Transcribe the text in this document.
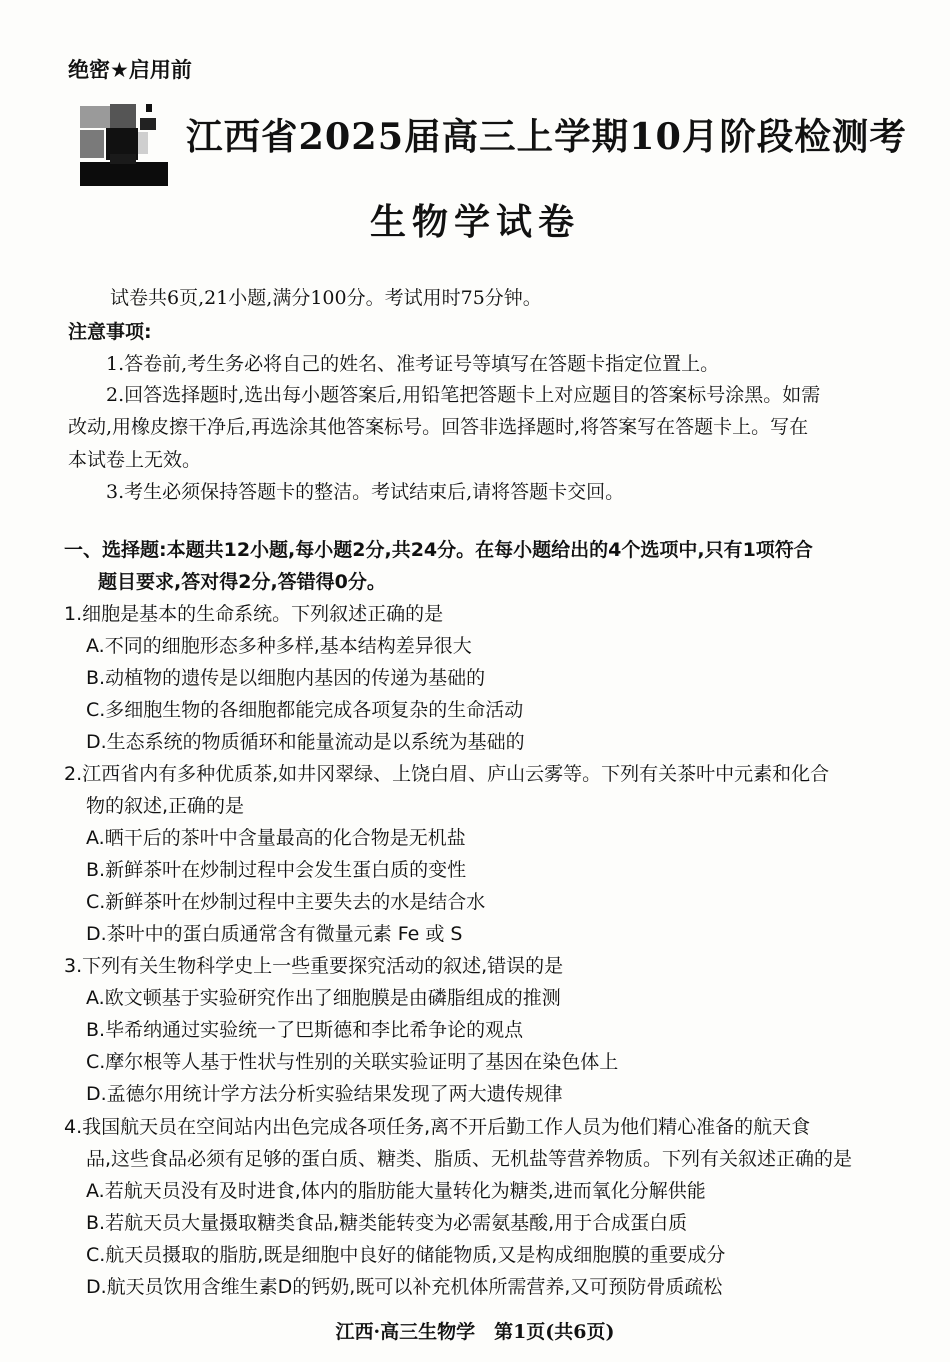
绝密★启用前
江西省2025届高三上学期10月阶段检测考
生物学试卷
试卷共6页,21小题,满分100分。考试用时75分钟。
注意事项:
1.答卷前,考生务必将自己的姓名、准考证号等填写在答题卡指定位置上。
2.回答选择题时,选出每小题答案后,用铅笔把答题卡上对应题目的答案标号涂黑。如需
改动,用橡皮擦干净后,再选涂其他答案标号。回答非选择题时,将答案写在答题卡上。写在
本试卷上无效。
3.考生必须保持答题卡的整洁。考试结束后,请将答题卡交回。
一、选择题:本题共12小题,每小题2分,共24分。在每小题给出的4个选项中,只有1项符合
题目要求,答对得2分,答错得0分。
1.细胞是基本的生命系统。下列叙述正确的是
A.不同的细胞形态多种多样,基本结构差异很大
B.动植物的遗传是以细胞内基因的传递为基础的
C.多细胞生物的各细胞都能完成各项复杂的生命活动
D.生态系统的物质循环和能量流动是以系统为基础的
2.江西省内有多种优质茶,如井冈翠绿、上饶白眉、庐山云雾等。下列有关茶叶中元素和化合
物的叙述,正确的是
A.晒干后的茶叶中含量最高的化合物是无机盐
B.新鲜茶叶在炒制过程中会发生蛋白质的变性
C.新鲜茶叶在炒制过程中主要失去的水是结合水
D.茶叶中的蛋白质通常含有微量元素 Fe 或 S
3.下列有关生物科学史上一些重要探究活动的叙述,错误的是
A.欧文顿基于实验研究作出了细胞膜是由磷脂组成的推测
B.毕希纳通过实验统一了巴斯德和李比希争论的观点
C.摩尔根等人基于性状与性别的关联实验证明了基因在染色体上
D.孟德尔用统计学方法分析实验结果发现了两大遗传规律
4.我国航天员在空间站内出色完成各项任务,离不开后勤工作人员为他们精心准备的航天食
品,这些食品必须有足够的蛋白质、糖类、脂质、无机盐等营养物质。下列有关叙述正确的是
A.若航天员没有及时进食,体内的脂肪能大量转化为糖类,进而氧化分解供能
B.若航天员大量摄取糖类食品,糖类能转变为必需氨基酸,用于合成蛋白质
C.航天员摄取的脂肪,既是细胞中良好的储能物质,又是构成细胞膜的重要成分
D.航天员饮用含维生素D的钙奶,既可以补充机体所需营养,又可预防骨质疏松
江西·高三生物学　第1页(共6页)
